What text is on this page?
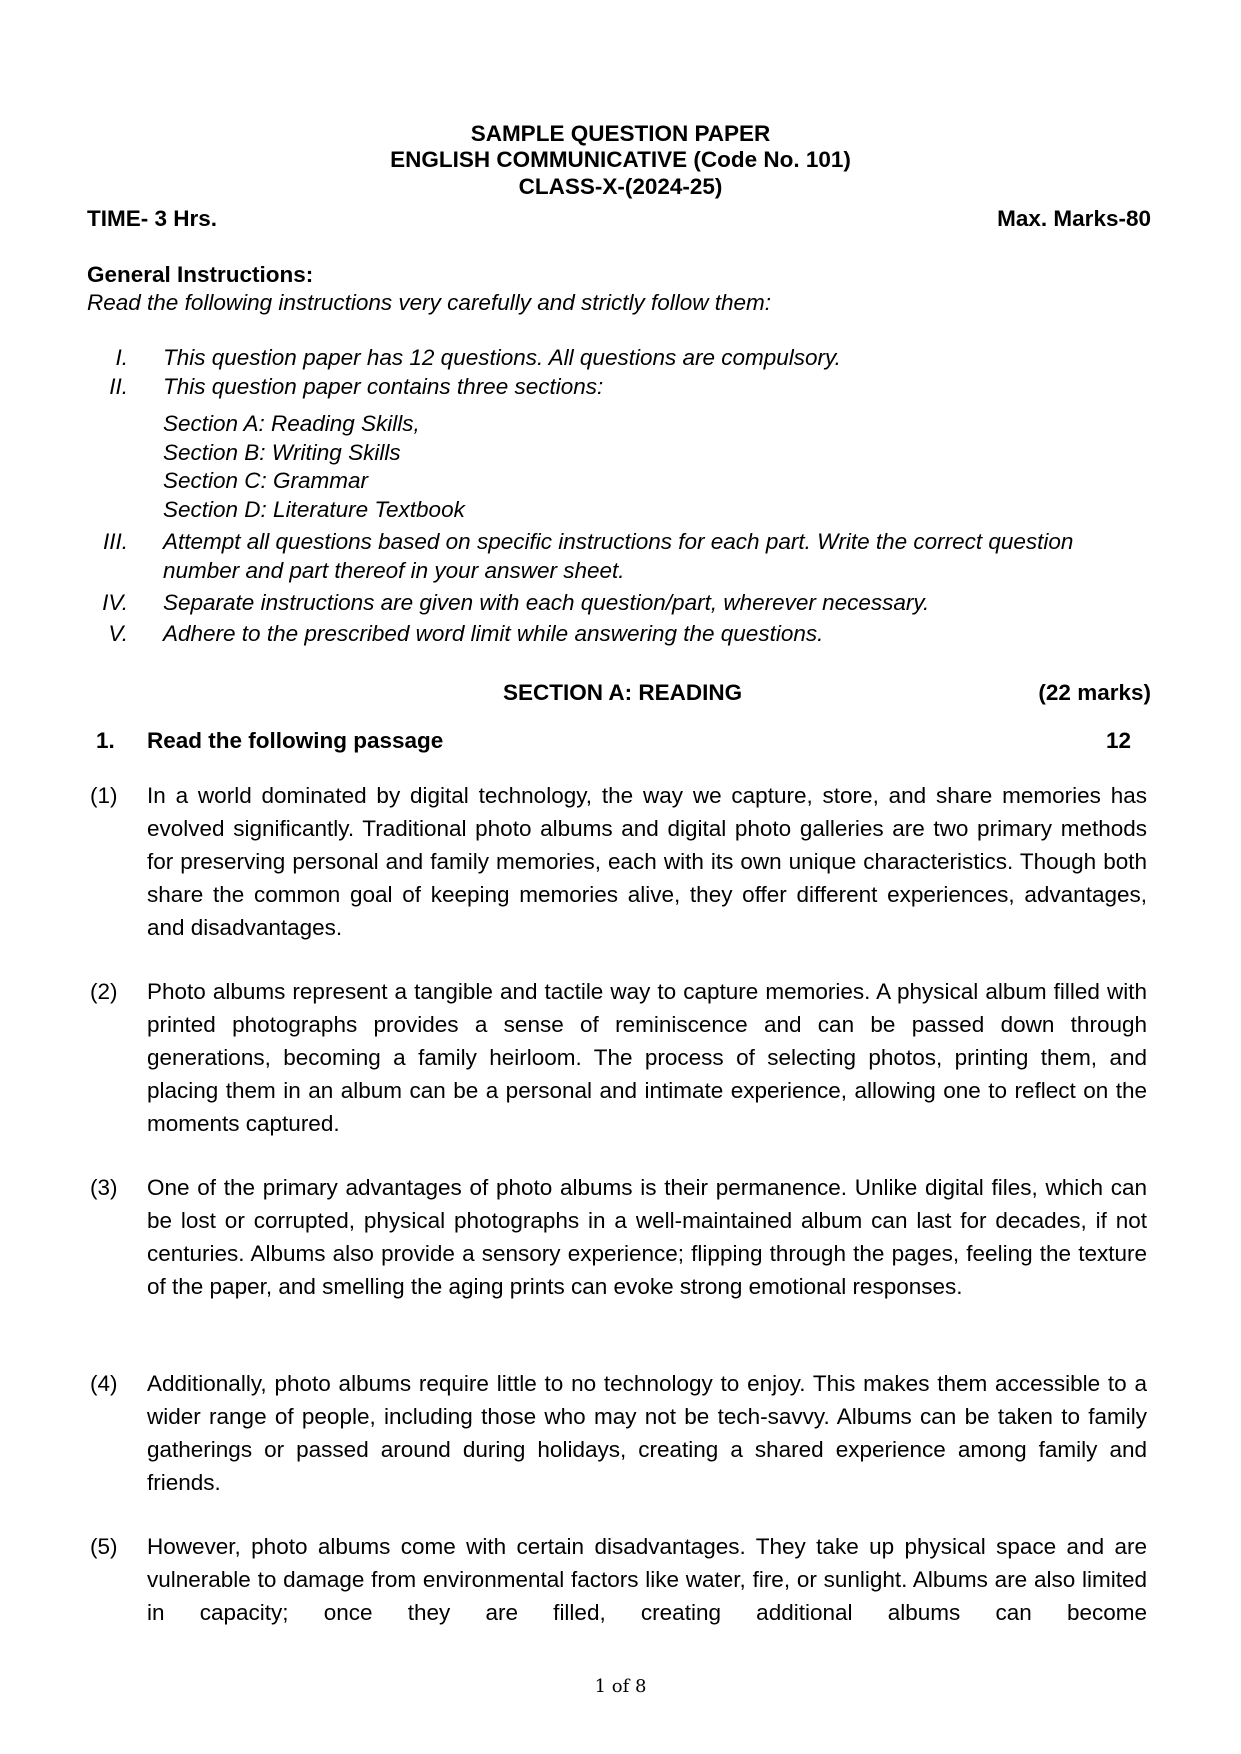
SAMPLE QUESTION PAPER
ENGLISH COMMUNICATIVE (Code No. 101)
CLASS-X-(2024-25)
TIME- 3 Hrs.	Max. Marks-80
General Instructions:
Read the following instructions very carefully and strictly follow them:
I. This question paper has 12 questions. All questions are compulsory.
II. This question paper contains three sections:
Section A: Reading Skills,
Section B: Writing Skills
Section C: Grammar
Section D: Literature Textbook
III. Attempt all questions based on specific instructions for each part. Write the correct question number and part thereof in your answer sheet.
IV. Separate instructions are given with each question/part, wherever necessary.
V. Adhere to the prescribed word limit while answering the questions.
SECTION A: READING	(22 marks)
1. Read the following passage	12
(1) In a world dominated by digital technology, the way we capture, store, and share memories has evolved significantly. Traditional photo albums and digital photo galleries are two primary methods for preserving personal and family memories, each with its own unique characteristics. Though both share the common goal of keeping memories alive, they offer different experiences, advantages, and disadvantages.
(2) Photo albums represent a tangible and tactile way to capture memories. A physical album filled with printed photographs provides a sense of reminiscence and can be passed down through generations, becoming a family heirloom. The process of selecting photos, printing them, and placing them in an album can be a personal and intimate experience, allowing one to reflect on the moments captured.
(3) One of the primary advantages of photo albums is their permanence. Unlike digital files, which can be lost or corrupted, physical photographs in a well-maintained album can last for decades, if not centuries. Albums also provide a sensory experience; flipping through the pages, feeling the texture of the paper, and smelling the aging prints can evoke strong emotional responses.
(4) Additionally, photo albums require little to no technology to enjoy. This makes them accessible to a wider range of people, including those who may not be tech-savvy. Albums can be taken to family gatherings or passed around during holidays, creating a shared experience among family and friends.
(5) However, photo albums come with certain disadvantages. They take up physical space and are vulnerable to damage from environmental factors like water, fire, or sunlight. Albums are also limited in capacity; once they are filled, creating additional albums can become
1 of 8
